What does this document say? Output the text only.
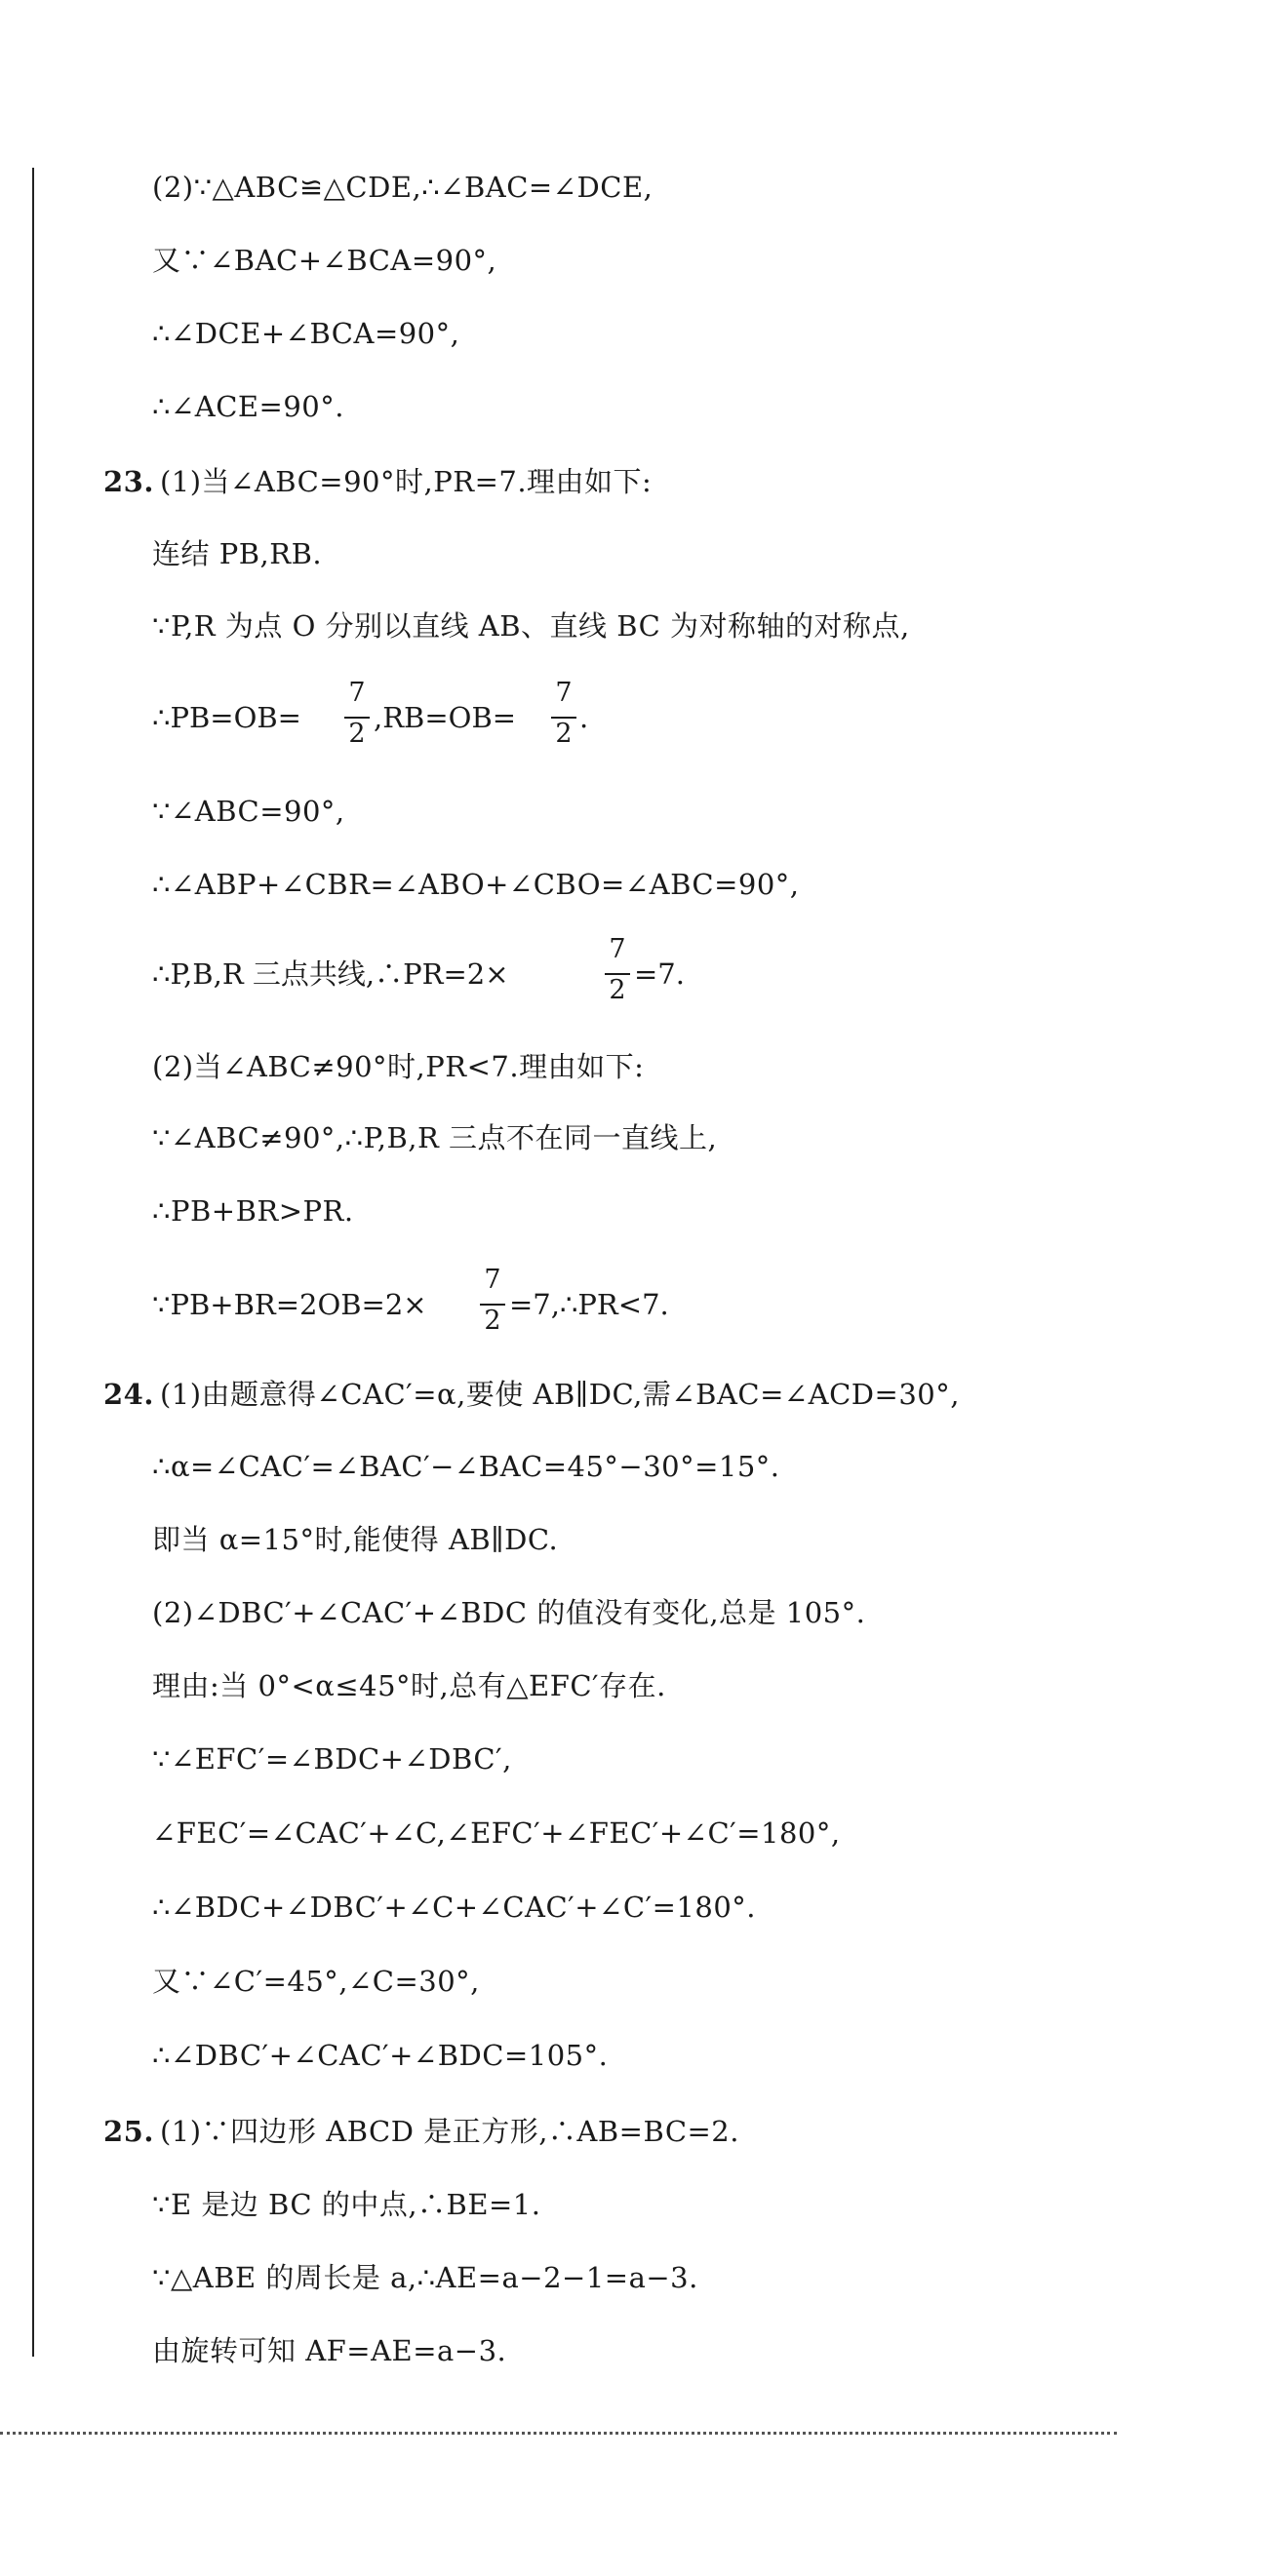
(2)∵△ABC≌△CDE,∴∠BAC=∠DCE,
又∵∠BAC+∠BCA=90°,
∴∠DCE+∠BCA=90°,
∴∠ACE=90°.
23. (1)当∠ABC=90°时,PR=7.理由如下:
连结 PB,RB.
∵P,R 为点 O 分别以直线 AB、直线 BC 为对称轴的对称点,
∴PB=OB=
7
2 ,RB=OB=
7
2 .
∵∠ABC=90°,
∴∠ABP+∠CBR=∠ABO+∠CBO=∠ABC=90°,
∴P,B,R 三点共线,∴PR=2×
7
2 =7.
(2)当∠ABC≠90°时,PR<7.理由如下:
∵∠ABC≠90°,∴P,B,R 三点不在同一直线上,
∴PB+BR>PR.
∵PB+BR=2OB=2×
7
2 =7,∴PR<7.
24. (1)由题意得∠CAC′=α,要使 AB∥DC,需∠BAC=∠ACD=30°,
∴α=∠CAC′=∠BAC′−∠BAC=45°−30°=15°.
即当 α=15°时,能使得 AB∥DC.
(2)∠DBC′+∠CAC′+∠BDC 的值没有变化,总是 105°.
理由:当 0°<α≤45°时,总有△EFC′存在.
∵∠EFC′=∠BDC+∠DBC′,
∠FEC′=∠CAC′+∠C,∠EFC′+∠FEC′+∠C′=180°,
∴∠BDC+∠DBC′+∠C+∠CAC′+∠C′=180°.
又∵∠C′=45°,∠C=30°,
∴∠DBC′+∠CAC′+∠BDC=105°.
25. (1)∵四边形 ABCD 是正方形,∴AB=BC=2.
∵E 是边 BC 的中点,∴BE=1.
∵△ABE 的周长是 a,∴AE=a−2−1=a−3.
由旋转可知 AF=AE=a−3.
